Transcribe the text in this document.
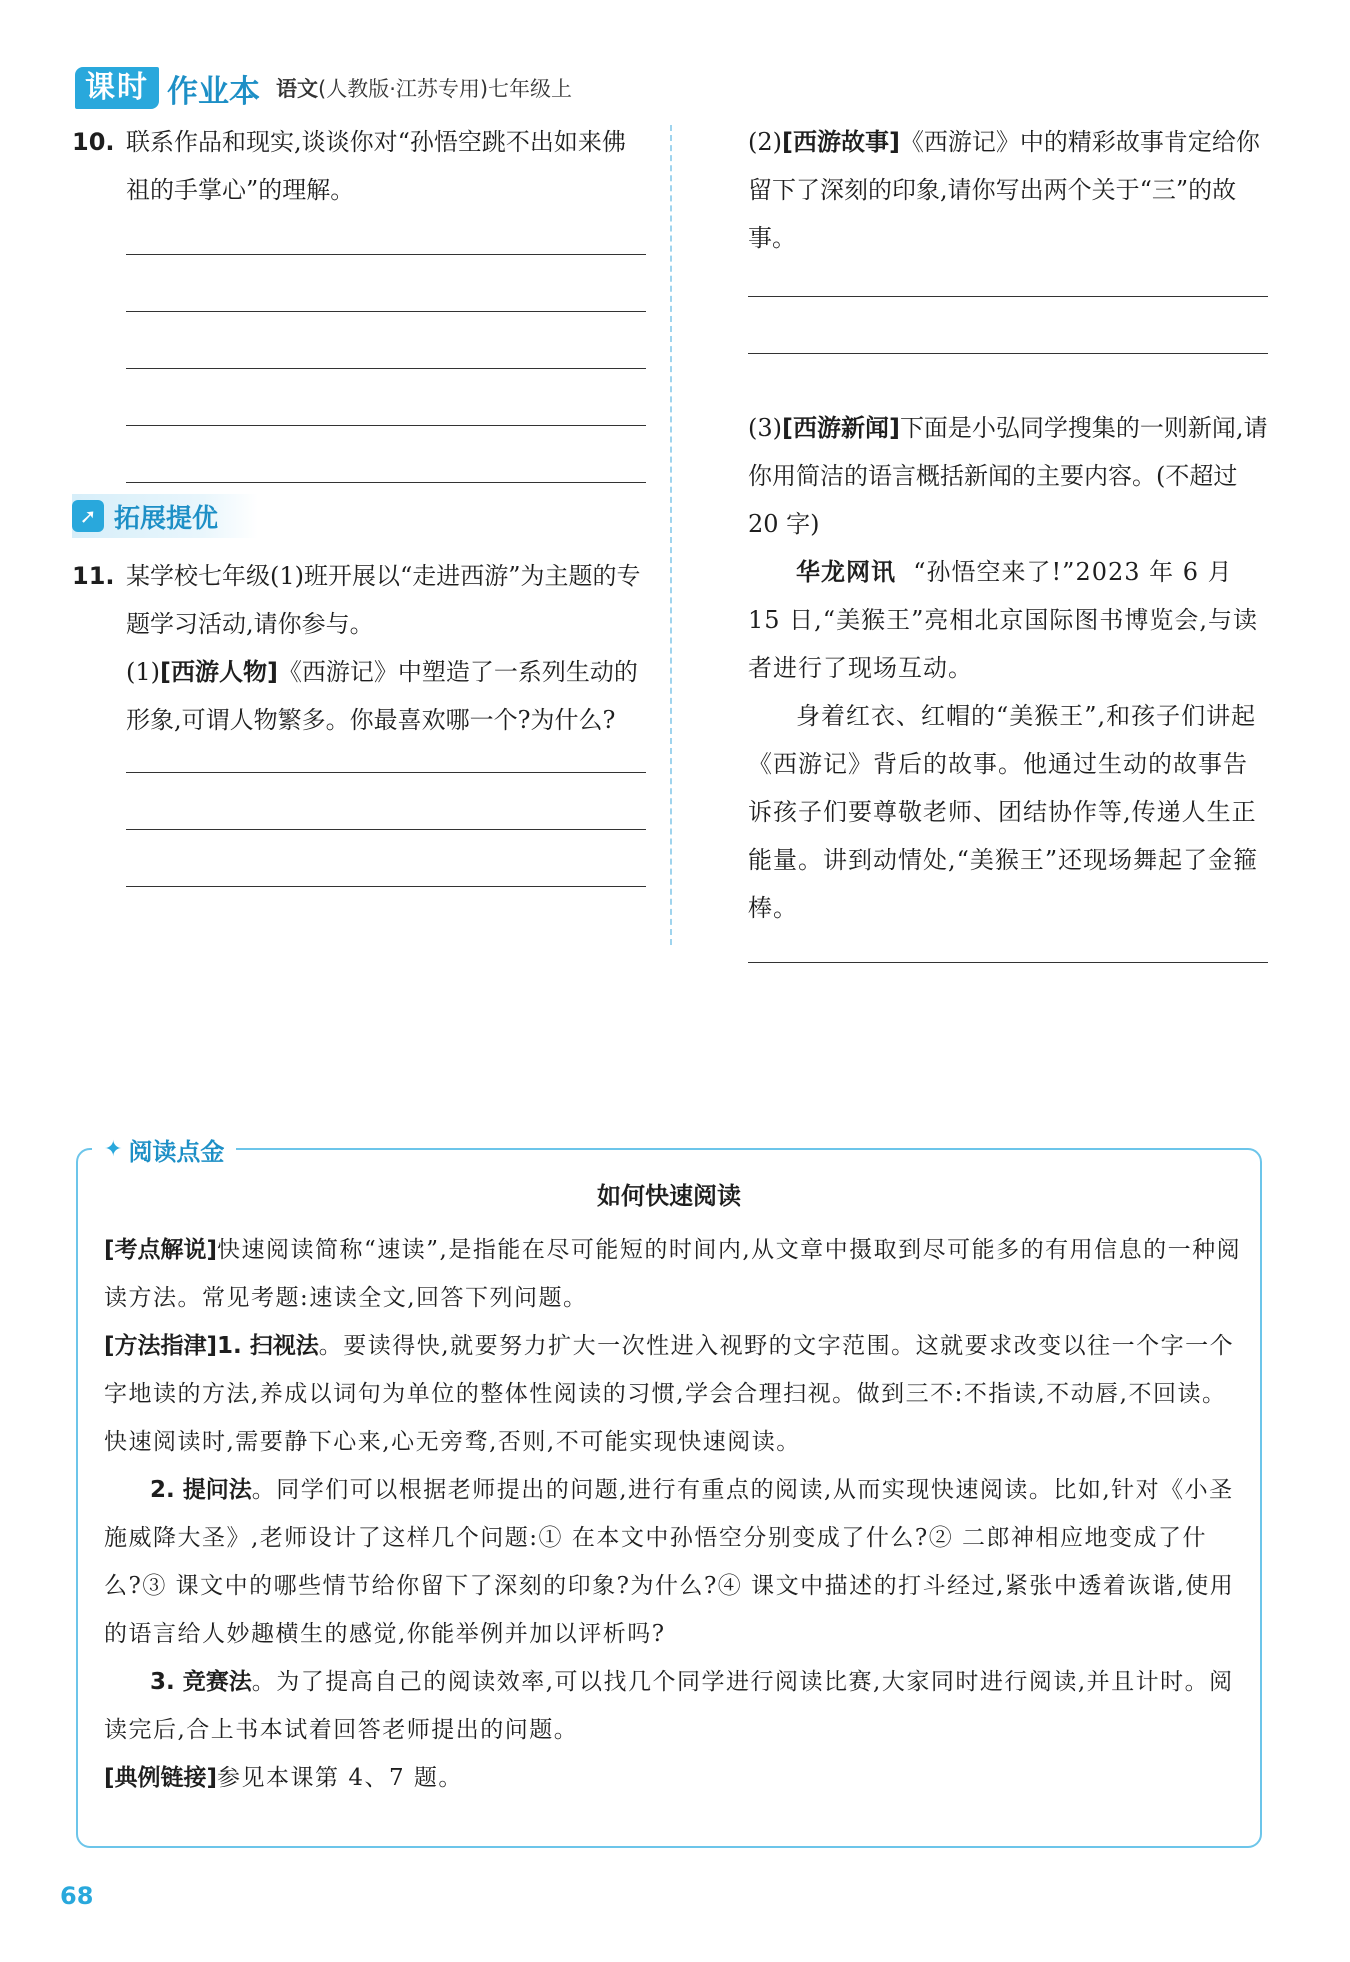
课时 作业本 语文(人教版·江苏专用)七年级上
10. 联系作品和现实,谈谈你对“孙悟空跳不出如来佛祖的手掌心”的理解。
➚ 拓展提优
11. 某学校七年级(1)班开展以“走进西游”为主题的专题学习活动,请你参与。
(1)[西游人物]《西游记》中塑造了一系列生动的形象,可谓人物繁多。你最喜欢哪一个?为什么?
(2)[西游故事]《西游记》中的精彩故事肯定给你留下了深刻的印象,请你写出两个关于“三”的故事。
(3)[西游新闻]下面是小弘同学搜集的一则新闻,请你用简洁的语言概括新闻的主要内容。(不超过 20 字)
华龙网讯 “孙悟空来了!”2023 年 6 月 15 日,“美猴王”亮相北京国际图书博览会,与读者进行了现场互动。
身着红衣、红帽的“美猴王”,和孩子们讲起《西游记》背后的故事。他通过生动的故事告诉孩子们要尊敬老师、团结协作等,传递人生正能量。讲到动情处,“美猴王”还现场舞起了金箍棒。
✦ 阅读点金
如何快速阅读
[考点解说]快速阅读简称“速读”,是指能在尽可能短的时间内,从文章中摄取到尽可能多的有用信息的一种阅读方法。常见考题:速读全文,回答下列问题。
[方法指津]1. 扫视法。要读得快,就要努力扩大一次性进入视野的文字范围。这就要求改变以往一个字一个字地读的方法,养成以词句为单位的整体性阅读的习惯,学会合理扫视。做到三不:不指读,不动唇,不回读。快速阅读时,需要静下心来,心无旁骛,否则,不可能实现快速阅读。
2. 提问法。同学们可以根据老师提出的问题,进行有重点的阅读,从而实现快速阅读。比如,针对《小圣施威降大圣》,老师设计了这样几个问题:① 在本文中孙悟空分别变成了什么?② 二郎神相应地变成了什么?③ 课文中的哪些情节给你留下了深刻的印象?为什么?④ 课文中描述的打斗经过,紧张中透着诙谐,使用的语言给人妙趣横生的感觉,你能举例并加以评析吗?
3. 竞赛法。为了提高自己的阅读效率,可以找几个同学进行阅读比赛,大家同时进行阅读,并且计时。阅读完后,合上书本试着回答老师提出的问题。
[典例链接]参见本课第 4、7 题。
68
